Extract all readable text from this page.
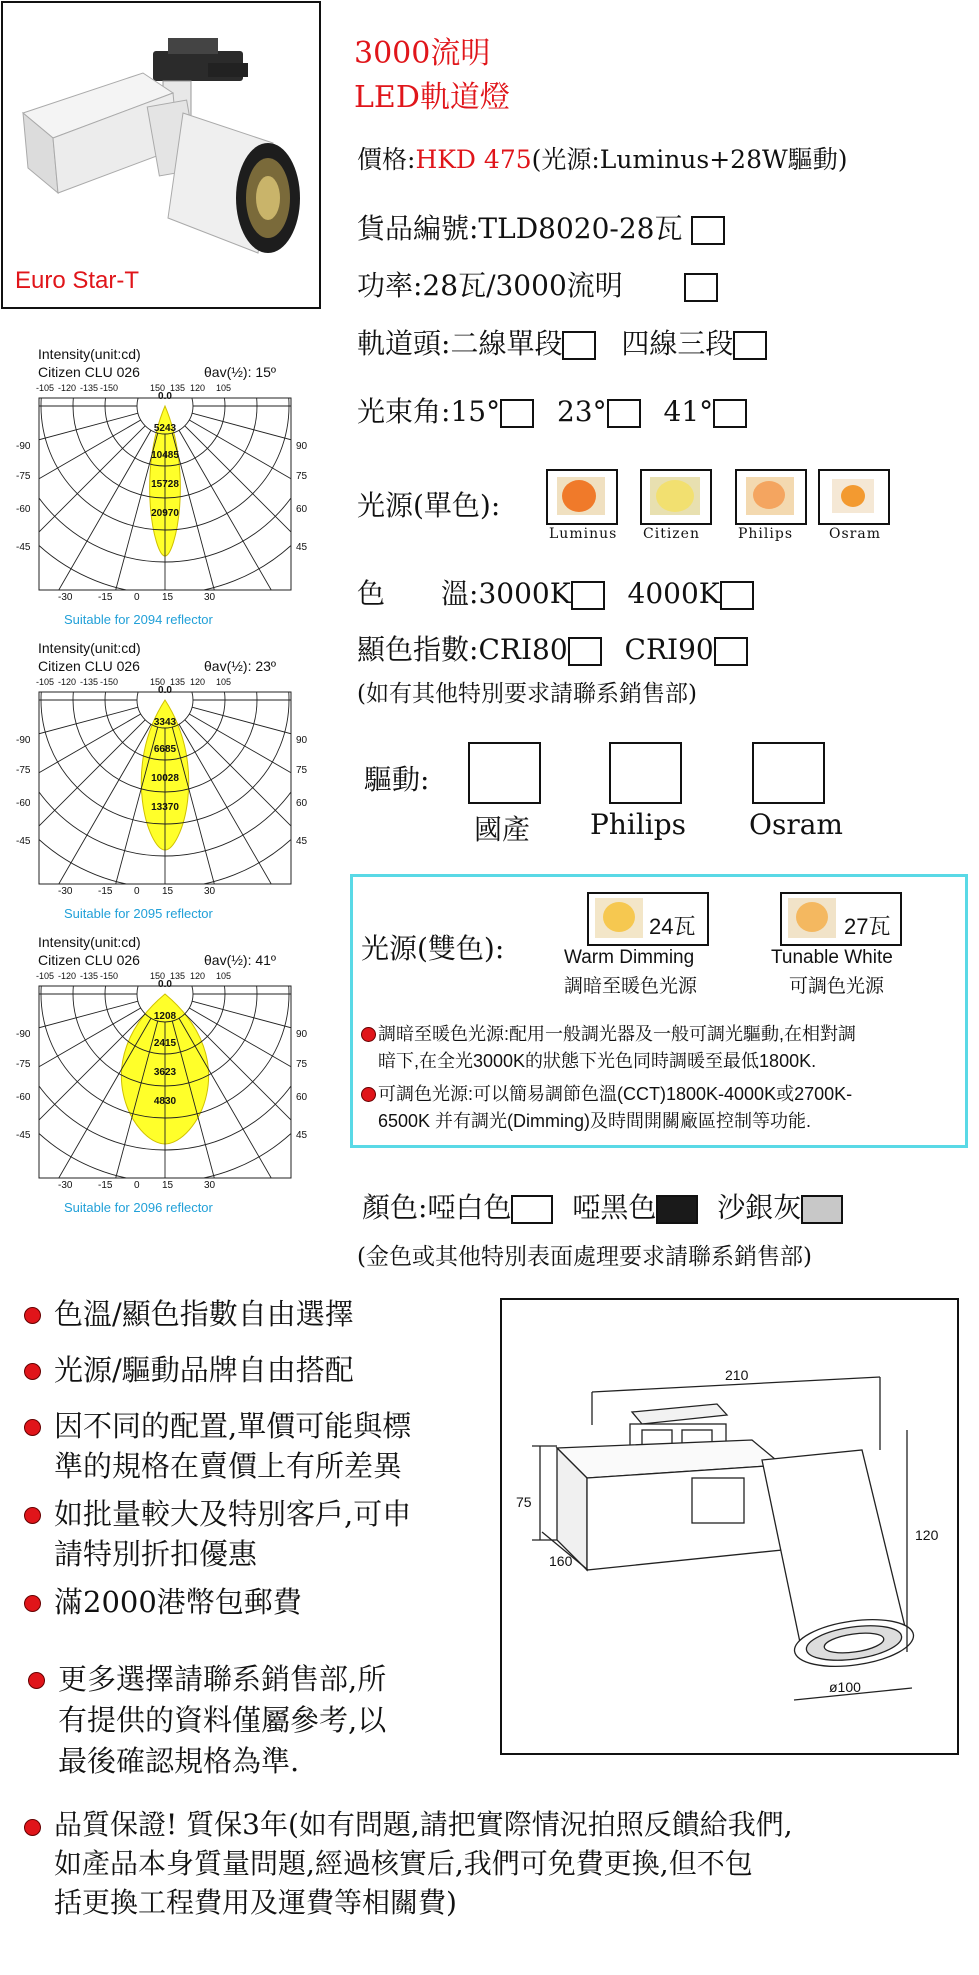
Euro Star-T
3000流明
LED軌道燈
價格:HKD 475(光源:Luminus+28W驅動)
貨品編號:TLD8020-28瓦
功率:28瓦/3000流明
軌道頭:二線單段 四線三段
光束角:15° 23° 41°
光源(單色):
Luminus Citizen	Philips	Osram
色　　溫:3000K 4000K
顯色指數:CRI80 CRI90
(如有其他特別要求請聯系銷售部)
驅動:
國產 Philips Osram
光源(雙色):
24瓦
Warm Dimming
調暗至暖色光源
27瓦
Tunable White
可調色光源
調暗至暖色光源:配用一般調光器及一般可調光驅動,在相對調
暗下,在全光3000K的狀態下光色同時調暖至最低1800K.
可調色光源:可以簡易調節色溫(CCT)1800K-4000K或2700K-
6500K 并有調光(Dimming)及時間開關廠區控制等功能.
顏色:啞白色 啞黑色 沙銀灰
(金色或其他特別表面處理要求請聯系銷售部)
色溫/顯色指數自由選擇
光源/驅動品牌自由搭配
因不同的配置,單價可能與標
準的規格在賣價上有所差異
如批量較大及特別客戶,可申
請特別折扣優惠
滿2000港幣包郵費
更多選擇請聯系銷售部,所
有提供的資料僅屬參考,以
最後確認規格為準.
品質保證! 質保3年(如有問題,請把實際情況拍照反饋給我們,
如產品本身質量問題,經過核實后,我們可免費更換,但不包
括更換工程費用及運費等相關費)
210
75
160
120
ø100
Intensity(unit:cd)
Citizen CLU 026	θav(½): 15º
0.0
5243
10485
15728
20970
-105 -120 -135 -150	150 135 120 105
-90
-75
-60
-45
90
75
60
45
-30	-15 0 15	30
Suitable for 2094 reflector
Intensity(unit:cd)
Citizen CLU 026	θav(½): 23º
0.0
3343
6685
10028
13370
-105 -120 -135 -150	150 135 120 105
-90
-75
-60
-45
90
75
60
45
-30	-15 0 15	30
Suitable for 2095 reflector
Intensity(unit:cd)
Citizen CLU 026	θav(½): 41º
0.0
1208
2415
3623
4830
-105 -120 -135 -150	150 135 120 105
-90
-75
-60
-45
90
75
60
45
-30	-15 0 15	30
Suitable for 2096 reflector
